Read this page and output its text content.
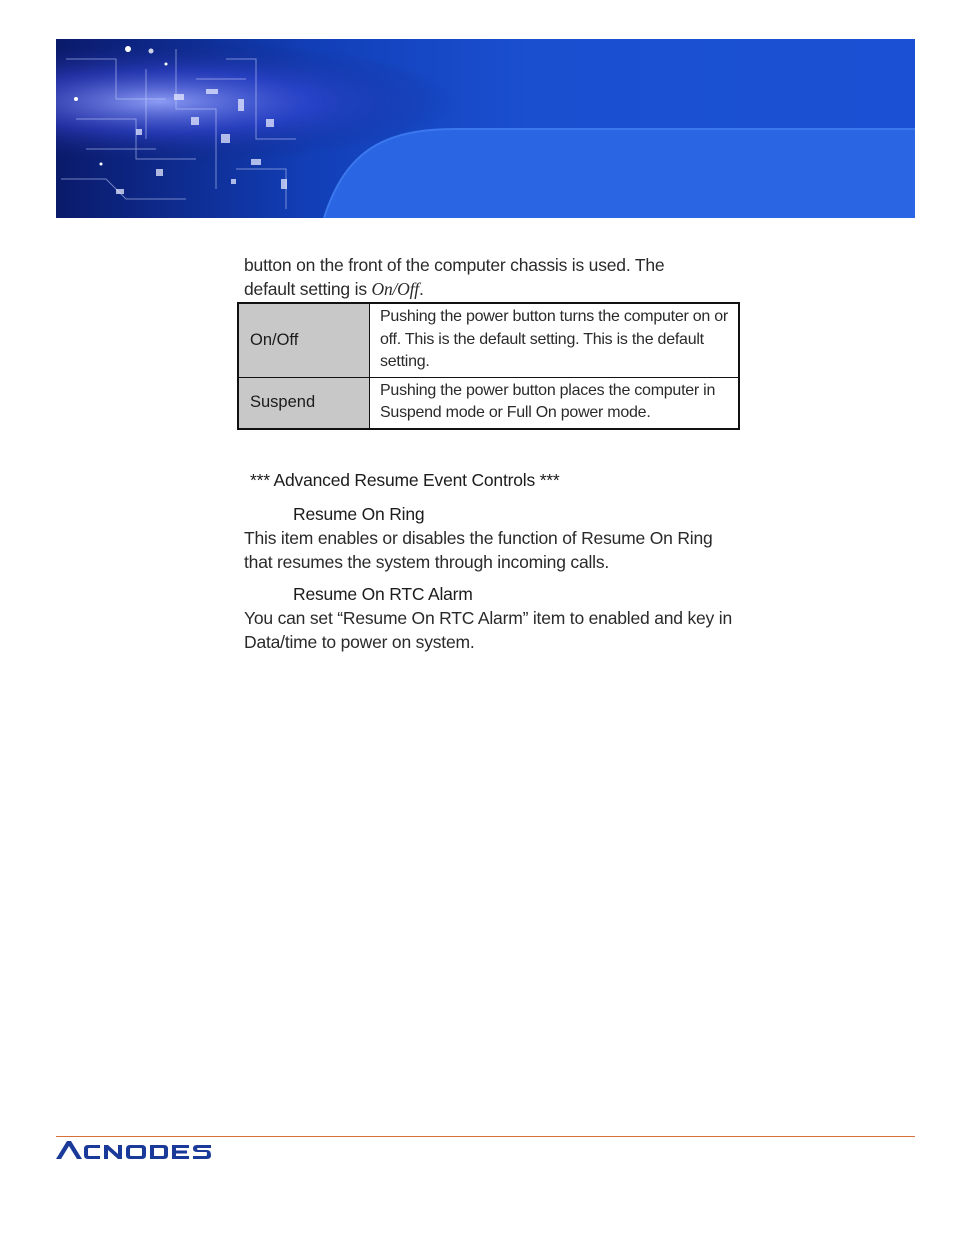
button on the front of the computer chassis is used. The

default setting is On/Off.

On/Off	Pushing the power button turns the computer on or off. This is the default setting. This is the default setting.
Suspend	Pushing the power button places the computer in Suspend mode or Full On power mode.

*** Advanced Resume Event Controls ***

Resume On Ring

This item enables or disables the function of Resume On Ring that resumes the system through incoming calls.

Resume On RTC Alarm

You can set “Resume On RTC Alarm” item to enabled and key in Data/time to power on system.
